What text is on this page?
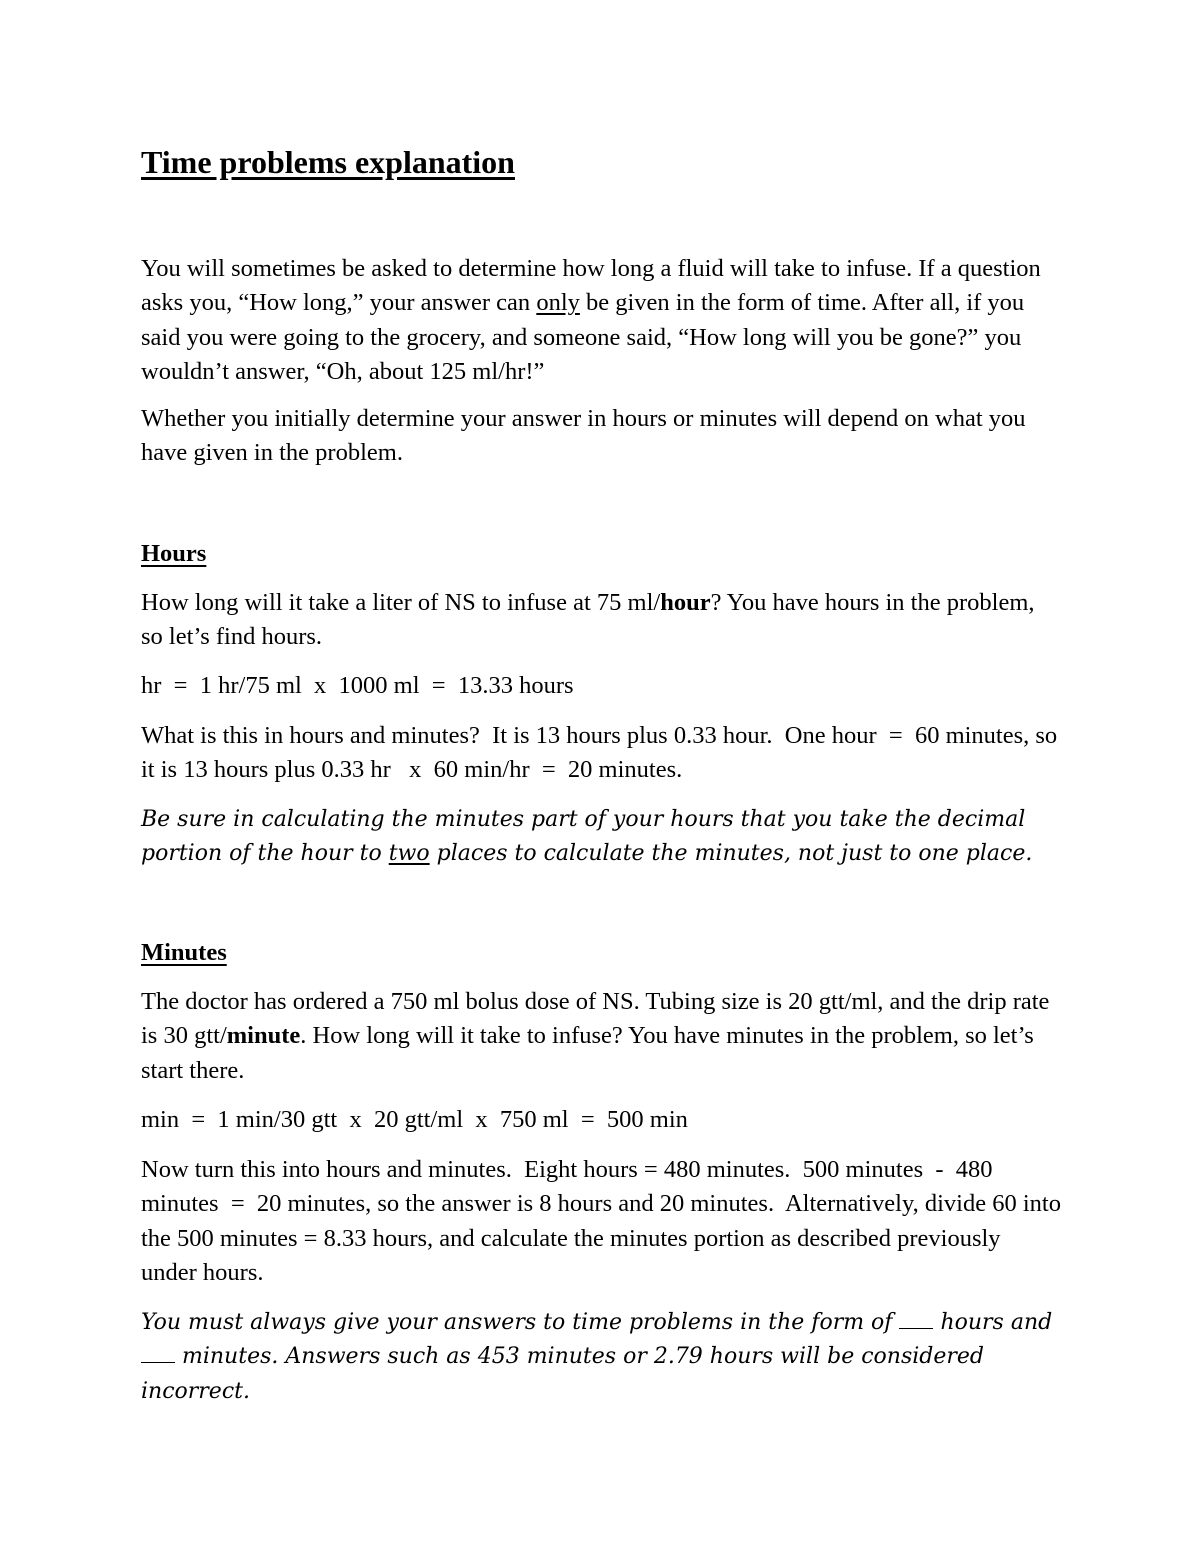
Time problems explanation

You will sometimes be asked to determine how long a fluid will take to infuse. If a question asks you, “How long,” your answer can only be given in the form of time. After all, if you said you were going to the grocery, and someone said, “How long will you be gone?” you wouldn’t answer, “Oh, about 125 ml/hr!”

Whether you initially determine your answer in hours or minutes will depend on what you have given in the problem.

Hours

How long will it take a liter of NS to infuse at 75 ml/hour? You have hours in the problem, so let’s find hours.

hr  =  1 hr/75 ml  x  1000 ml  =  13.33 hours

What is this in hours and minutes?  It is 13 hours plus 0.33 hour.  One hour  =  60 minutes, so it is 13 hours plus 0.33 hr   x  60 min/hr  =  20 minutes.

Be sure in calculating the minutes part of your hours that you take the decimal portion of the hour to two places to calculate the minutes, not just to one place.

Minutes

The doctor has ordered a 750 ml bolus dose of NS. Tubing size is 20 gtt/ml, and the drip rate is 30 gtt/minute. How long will it take to infuse? You have minutes in the problem, so let’s start there.

min  =  1 min/30 gtt  x  20 gtt/ml  x  750 ml  =  500 min

Now turn this into hours and minutes.  Eight hours = 480 minutes.  500 minutes  -  480 minutes  =  20 minutes, so the answer is 8 hours and 20 minutes.  Alternatively, divide 60 into the 500 minutes = 8.33 hours, and calculate the minutes portion as described previously under hours.

You must always give your answers to time problems in the form of  hours and  minutes. Answers such as 453 minutes or 2.79 hours will be considered incorrect.
